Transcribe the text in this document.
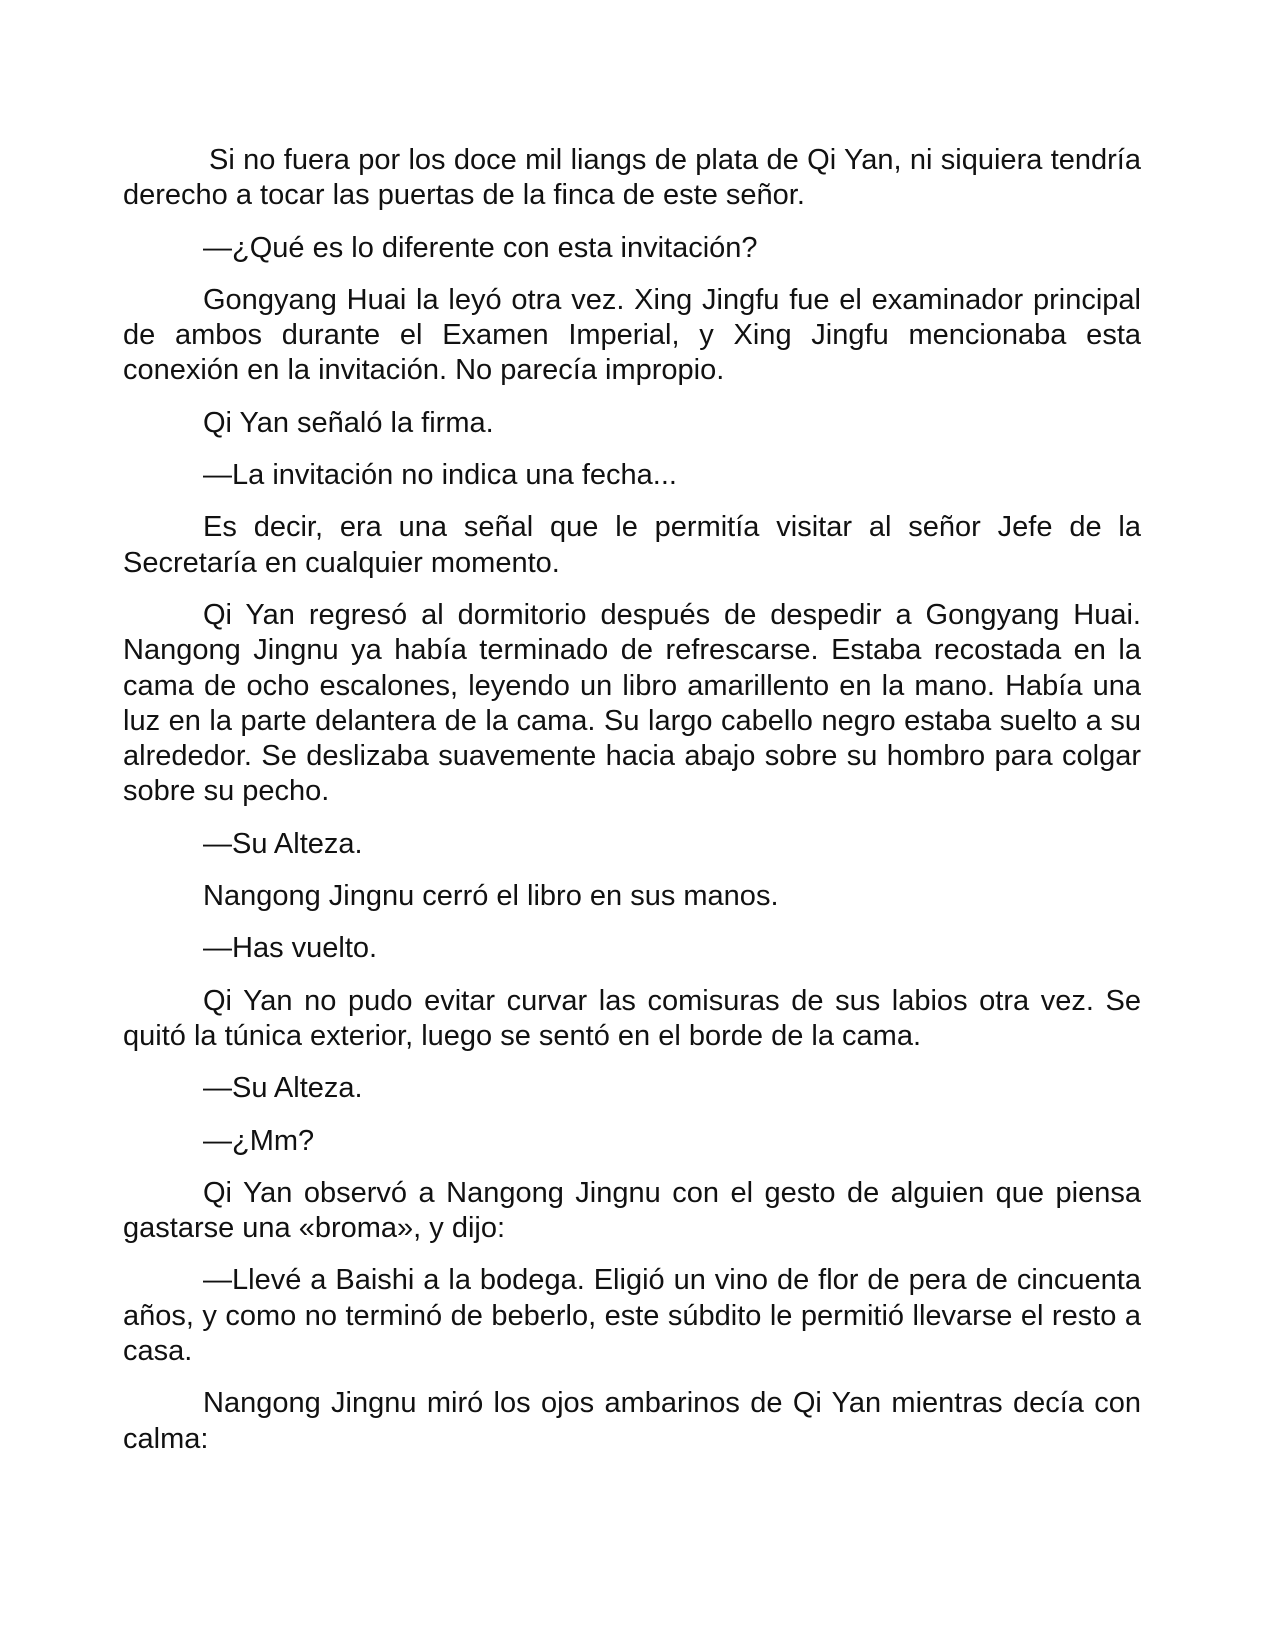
Si no fuera por los doce mil liangs de plata de Qi Yan, ni siquiera tendría derecho a tocar las puertas de la finca de este señor.

—¿Qué es lo diferente con esta invitación?

Gongyang Huai la leyó otra vez. Xing Jingfu fue el examinador principal de ambos durante el Examen Imperial, y Xing Jingfu mencionaba esta conexión en la invitación. No parecía impropio.

Qi Yan señaló la firma.

—La invitación no indica una fecha...

Es decir, era una señal que le permitía visitar al señor Jefe de la Secretaría en cualquier momento.

Qi Yan regresó al dormitorio después de despedir a Gongyang Huai. Nangong Jingnu ya había terminado de refrescarse. Estaba recostada en la cama de ocho escalones, leyendo un libro amarillento en la mano. Había una luz en la parte delantera de la cama. Su largo cabello negro estaba suelto a su alrededor. Se deslizaba suavemente hacia abajo sobre su hombro para colgar sobre su pecho.

—Su Alteza.

Nangong Jingnu cerró el libro en sus manos.

—Has vuelto.

Qi Yan no pudo evitar curvar las comisuras de sus labios otra vez. Se quitó la túnica exterior, luego se sentó en el borde de la cama.

—Su Alteza.

—¿Mm?

Qi Yan observó a Nangong Jingnu con el gesto de alguien que piensa gastarse una «broma», y dijo:

—Llevé a Baishi a la bodega. Eligió un vino de flor de pera de cincuenta años, y como no terminó de beberlo, este súbdito le permitió llevarse el resto a casa.

Nangong Jingnu miró los ojos ambarinos de Qi Yan mientras decía con calma:
